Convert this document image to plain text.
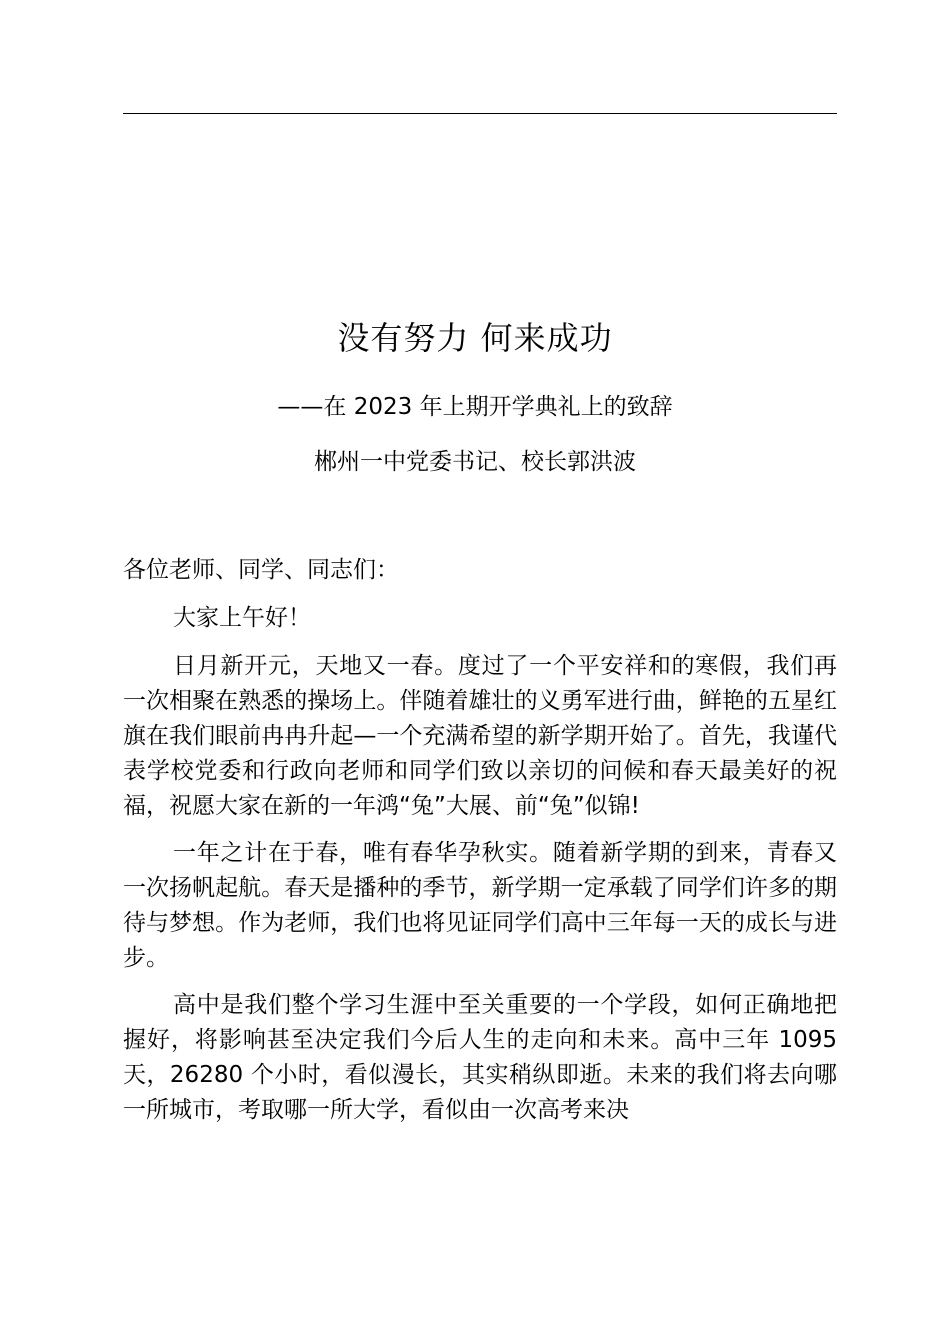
没有努力 何来成功
——在 2023 年上期开学典礼上的致辞
郴州一中党委书记、校长郭洪波

各位老师、同学、同志们：

大家上午好！

日月新开元，天地又一春。度过了一个平安祥和的寒假，我们再一次相聚在熟悉的操场上。伴随着雄壮的义勇军进行曲，鲜艳的五星红旗在我们眼前冉冉升起—一个充满希望的新学期开始了。首先，我谨代表学校党委和行政向老师和同学们致以亲切的问候和春天最美好的祝福，祝愿大家在新的一年鸿“兔”大展、前“兔”似锦!

一年之计在于春，唯有春华孕秋实。随着新学期的到来，青春又一次扬帆起航。春天是播种的季节，新学期一定承载了同学们许多的期待与梦想。作为老师，我们也将见证同学们高中三年每一天的成长与进步。

高中是我们整个学习生涯中至关重要的一个学段，如何正确地把握好，将影响甚至决定我们今后人生的走向和未来。高中三年 1095 天，26280 个小时，看似漫长，其实稍纵即逝。未来的我们将去向哪一所城市，考取哪一所大学，看似由一次高考来决
